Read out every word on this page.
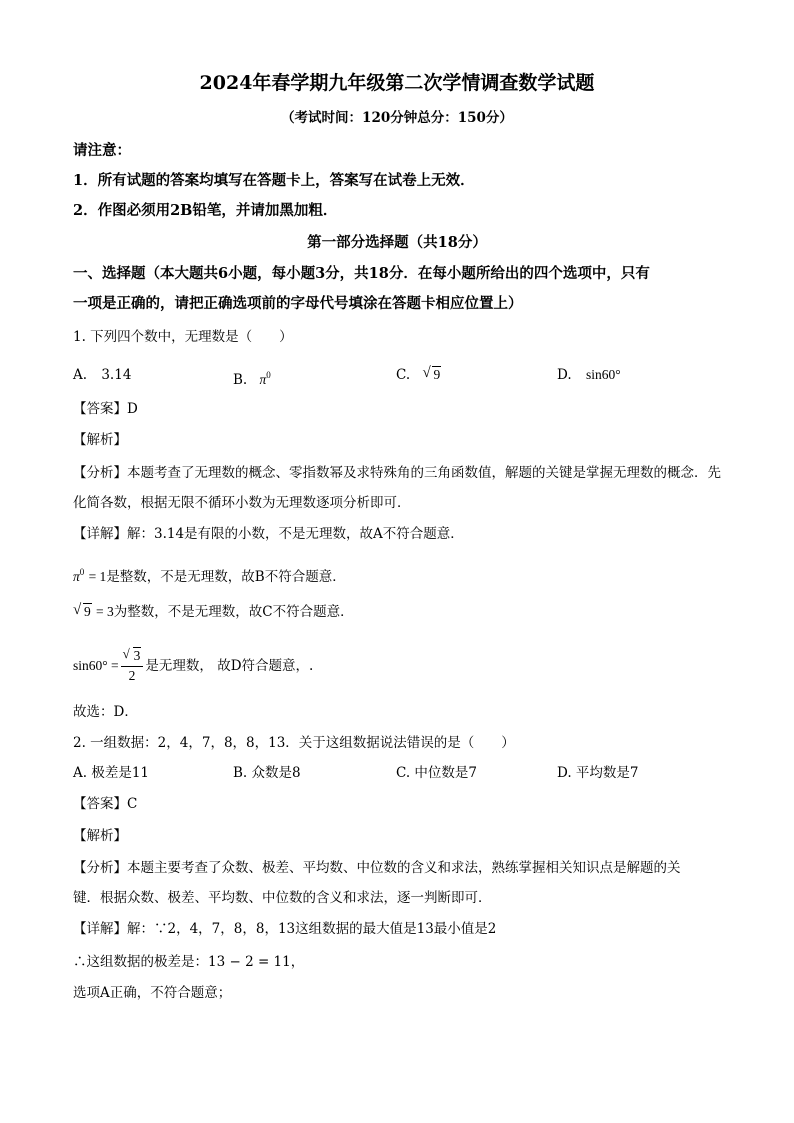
2024年春学期九年级第二次学情调查数学试题
（考试时间：120分钟总分：150分）
请注意：
1．所有试题的答案均填写在答题卡上，答案写在试卷上无效．
2．作图必须用2B铅笔，并请加黑加粗．
第一部分选择题（共18分）
一、选择题（本大题共6小题，每小题3分，共18分．在每小题所给出的四个选项中，只有
一项是正确的，请把正确选项前的字母代号填涂在答题卡相应位置上）
1. 下列四个数中，无理数是（　　）
A. 3.14	B. $\pi^0$	C. √ 9	D. sin60°
【答案】D
【解析】
【分析】本题考查了无理数的概念、零指数幂及求特殊角的三角函数值，解题的关键是掌握无理数的概念．先
化简各数，根据无限不循环小数为无理数逐项分析即可．
【详解】解：3.14是有限的小数，不是无理数，故A不符合题意．
$\pi^0 = 1$是整数，不是无理数，故B不符合题意．
√ 9 = 3为整数，不是无理数，故C不符合题意．
$\sin 60^\circ = \frac{√ 3}{2}$ 是无理数， 故D符合题意，.
故选：D．
2. 一组数据：2，4，7，8，8，13．关于这组数据说法错误的是（　　）
A. 极差是11	B. 众数是8	C. 中位数是7	D. 平均数是7
【答案】C
【解析】
【分析】本题主要考查了众数、极差、平均数、中位数的含义和求法，熟练掌握相关知识点是解题的关
键．根据众数、极差、平均数、中位数的含义和求法，逐一判断即可．
【详解】解：∵2，4，7，8，8，13这组数据的最大值是13最小值是2
∴这组数据的极差是：13 − 2 = 11，
选项A正确，不符合题意；
